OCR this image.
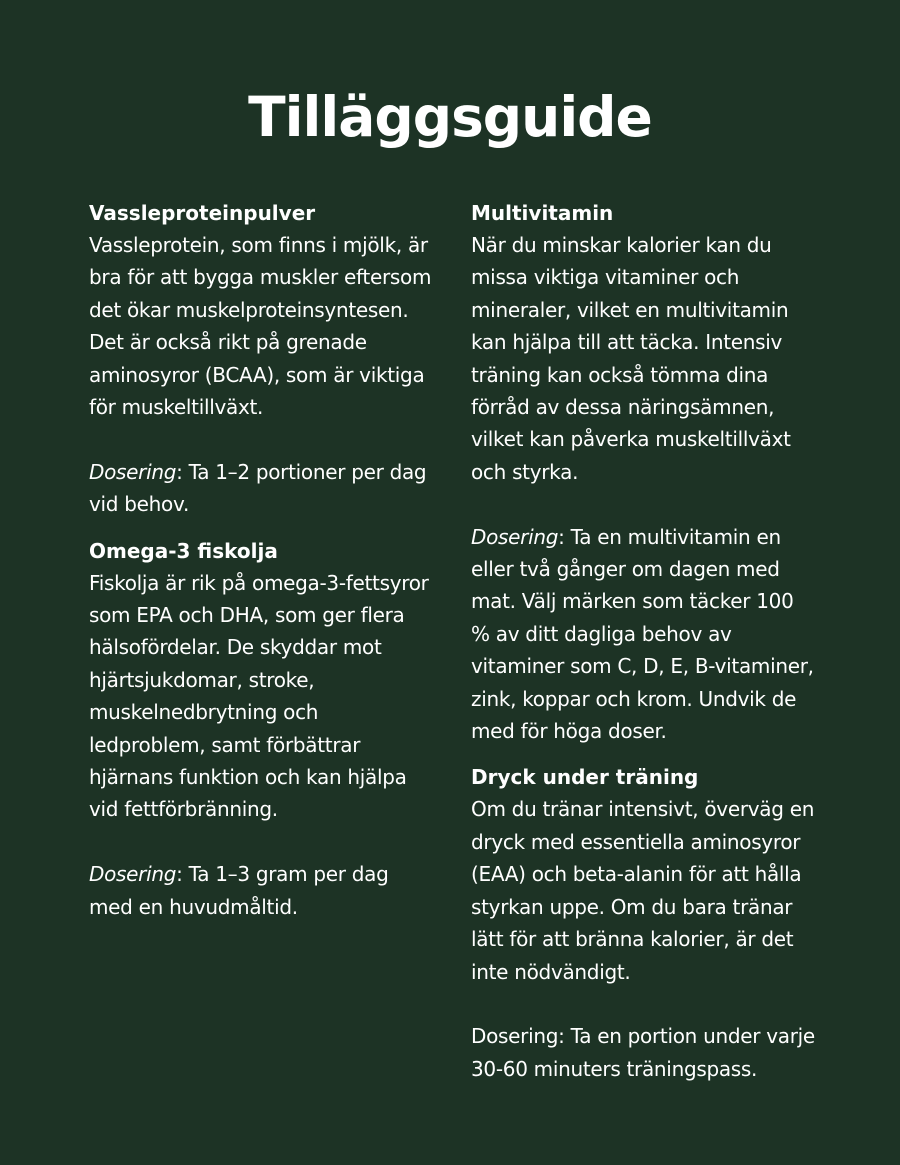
Tilläggsguide
Vassleproteinpulver

Vassleprotein, som finns i mjölk, är bra för att bygga muskler eftersom det ökar muskelproteinsyntesen. Det är också rikt på grenade aminosyror (BCAA), som är viktiga för muskeltillväxt.

Dosering: Ta 1–2 portioner per dag vid behov.

Omega-3 fiskolja

Fiskolja är rik på omega-3-fettsyror som EPA och DHA, som ger flera hälsofördelar. De skyddar mot hjärtsjukdomar, stroke, muskelnedbrytning och ledproblem, samt förbättrar hjärnans funktion och kan hjälpa vid fettförbränning.

Dosering: Ta 1–3 gram per dag med en huvudmåltid.

Multivitamin

När du minskar kalorier kan du missa viktiga vitaminer och mineraler, vilket en multivitamin kan hjälpa till att täcka. Intensiv träning kan också tömma dina förråd av dessa näringsämnen, vilket kan påverka muskeltillväxt och styrka.

Dosering: Ta en multivitamin en eller två gånger om dagen med mat. Välj märken som täcker 100 % av ditt dagliga behov av vitaminer som C, D, E, B-vitaminer, zink, koppar och krom. Undvik de med för höga doser.

Dryck under träning

Om du tränar intensivt, överväg en dryck med essentiella aminosyror (EAA) och beta-alanin för att hålla styrkan uppe. Om du bara tränar lätt för att bränna kalorier, är det inte nödvändigt.

Dosering: Ta en portion under varje 30-60 minuters träningspass.
